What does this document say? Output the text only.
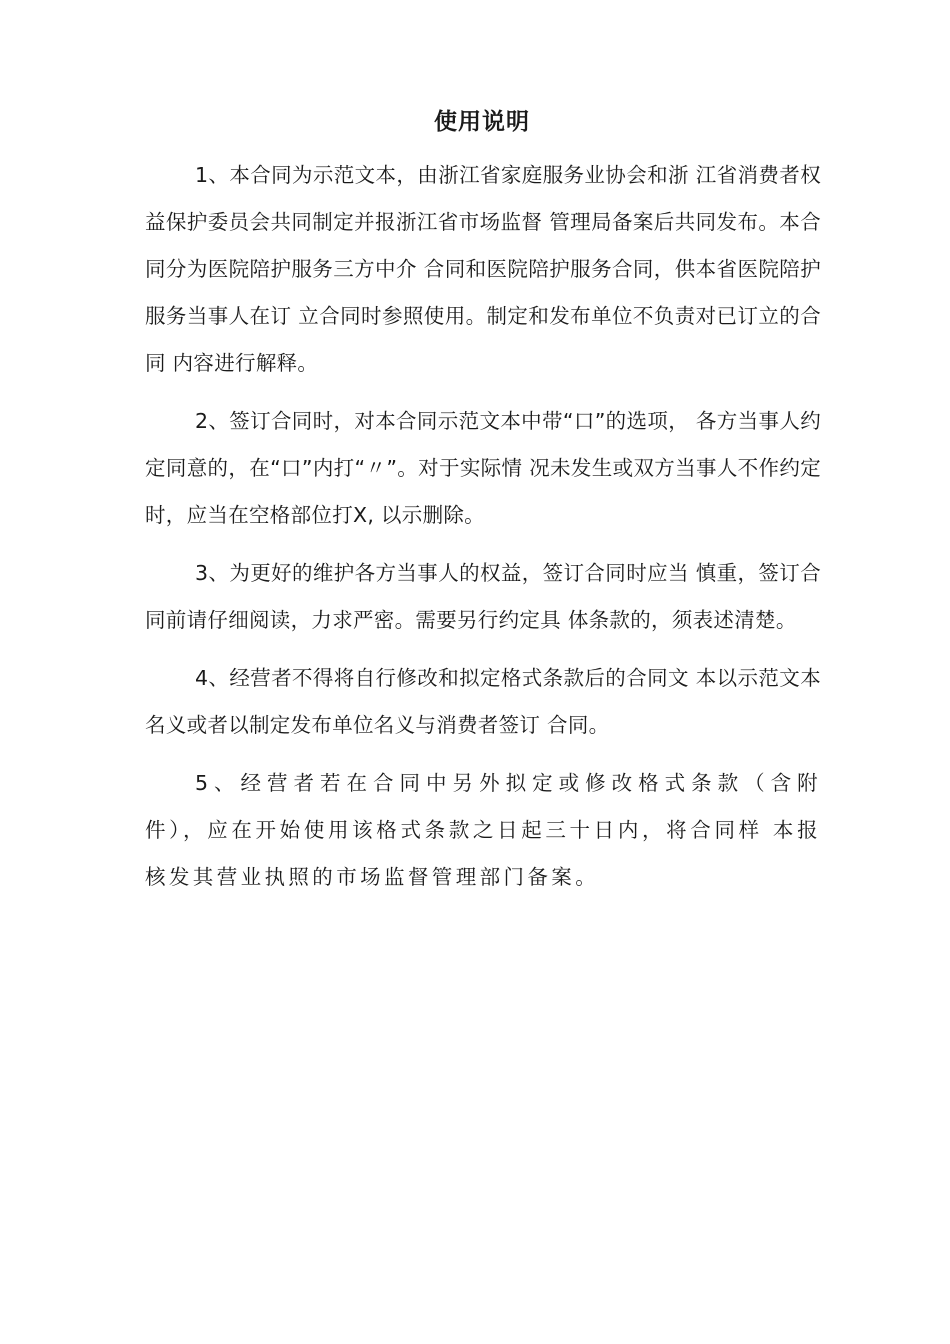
使用说明

1、本合同为示范文本，由浙江省家庭服务业协会和浙 江省消费者权益保护委员会共同制定并报浙江省市场监督 管理局备案后共同发布。本合同分为医院陪护服务三方中介 合同和医院陪护服务合同，供本省医院陪护服务当事人在订 立合同时参照使用。制定和发布单位不负责对已订立的合同 内容进行解释。

2、签订合同时，对本合同示范文本中带“口”的选项， 各方当事人约定同意的，在“口”内打“〃”。对于实际情 况未发生或双方当事人不作约定时，应当在空格部位打X, 以示删除。

3、为更好的维护各方当事人的权益，签订合同时应当 慎重，签订合同前请仔细阅读，力求严密。需要另行约定具 体条款的，须表述清楚。

4、经营者不得将自行修改和拟定格式条款后的合同文 本以示范文本名义或者以制定发布单位名义与消费者签订 合同。

5、经营者若在合同中另外拟定或修改格式条款（含附件），应在开始使用该格式条款之日起三十日内，将合同样 本报核发其营业执照的市场监督管理部门备案。
